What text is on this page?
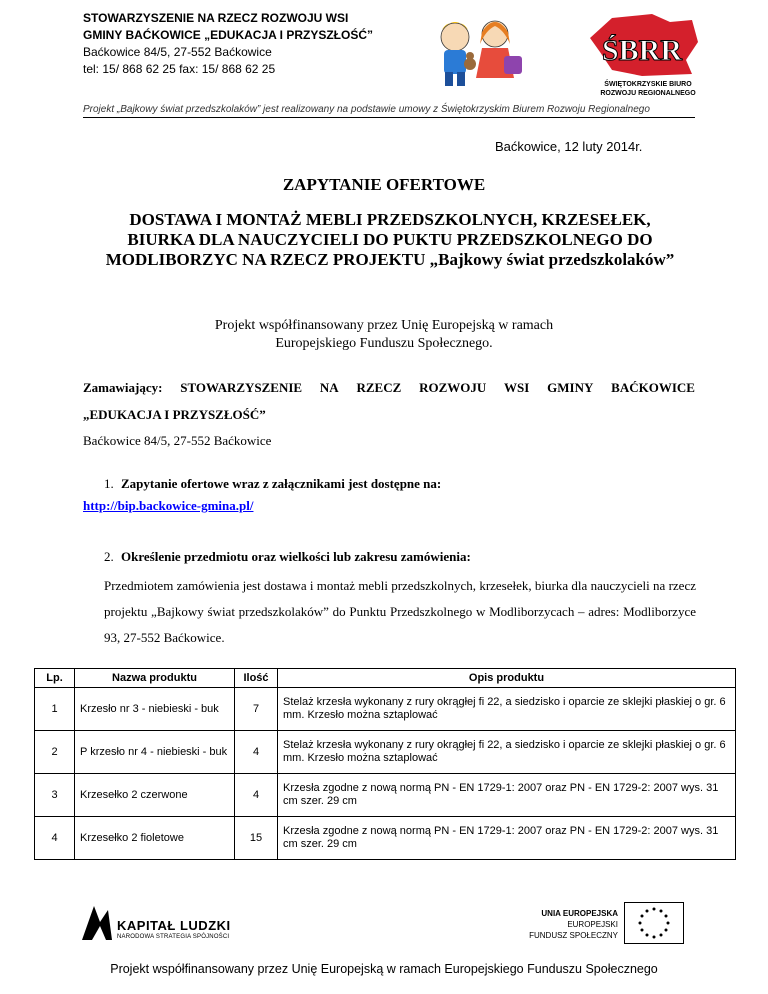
STOWARZYSZENIE NA RZECZ ROZWOJU WSI
GMINY BAĆKOWICE „EDUKACJA I PRZYSZŁOŚĆ”
Baćkowice 84/5, 27-552 Baćkowice
tel: 15/ 868 62 25 fax: 15/ 868 62 25
ŚBRR
ŚWIĘTOKRZYSKIE BIURO
ROZWOJU REGIONALNEGO
Projekt „Bajkowy świat przedszkolaków” jest realizowany na podstawie umowy z Świętokrzyskim Biurem Rozwoju Regionalnego
Baćkowice, 12 luty 2014r.
ZAPYTANIE OFERTOWE
DOSTAWA I MONTAŻ MEBLI PRZEDSZKOLNYCH, KRZESEŁEK, BIURKA DLA NAUCZYCIELI DO PUKTU PRZEDSZKOLNEGO DO MODLIBORZYC NA RZECZ PROJEKTU „Bajkowy świat przedszkolaków”
Projekt współfinansowany przez Unię Europejską w ramach
Europejskiego Funduszu Społecznego.
Zamawiający: STOWARZYSZENIE NA RZECZ ROZWOJU WSI GMINY BAĆKOWICE
„EDUKACJA I PRZYSZŁOŚĆ”
Baćkowice 84/5, 27-552 Baćkowice
1. Zapytanie ofertowe wraz z załącznikami jest dostępne na:
http://bip.backowice-gmina.pl/
2. Określenie przedmiotu oraz wielkości lub zakresu zamówienia:
Przedmiotem zamówienia jest dostawa i montaż mebli przedszkolnych, krzesełek, biurka dla nauczycieli na rzecz projektu „Bajkowy świat przedszkolaków” do Punktu Przedszkolnego w Modliborzycach – adres: Modliborzyce 93, 27-552 Baćkowice.
Lp.	Nazwa produktu	Ilość	Opis produktu
1	Krzesło nr 3 - niebieski - buk	7	Stelaż krzesła wykonany z rury okrągłej fi 22, a siedzisko i oparcie ze sklejki płaskiej o gr. 6 mm. Krzesło można sztaplować
2	P krzesło nr 4 - niebieski - buk	4	Stelaż krzesła wykonany z rury okrągłej fi 22, a siedzisko i oparcie ze sklejki płaskiej o gr. 6 mm. Krzesło można sztaplować
3	Krzesełko 2 czerwone	4	Krzesła zgodne z nową normą PN - EN 1729-1: 2007 oraz PN - EN 1729-2: 2007 wys. 31 cm szer. 29 cm
4	Krzesełko 2 fioletowe	15	Krzesła zgodne z nową normą PN - EN 1729-1: 2007 oraz PN - EN 1729-2: 2007 wys. 31 cm szer. 29 cm
KAPITAŁ LUDZKI
NARODOWA STRATEGIA SPÓJNOŚCI
UNIA EUROPEJSKA
EUROPEJSKI
FUNDUSZ SPOŁECZNY
Projekt współfinansowany przez Unię Europejską w ramach Europejskiego Funduszu Społecznego
